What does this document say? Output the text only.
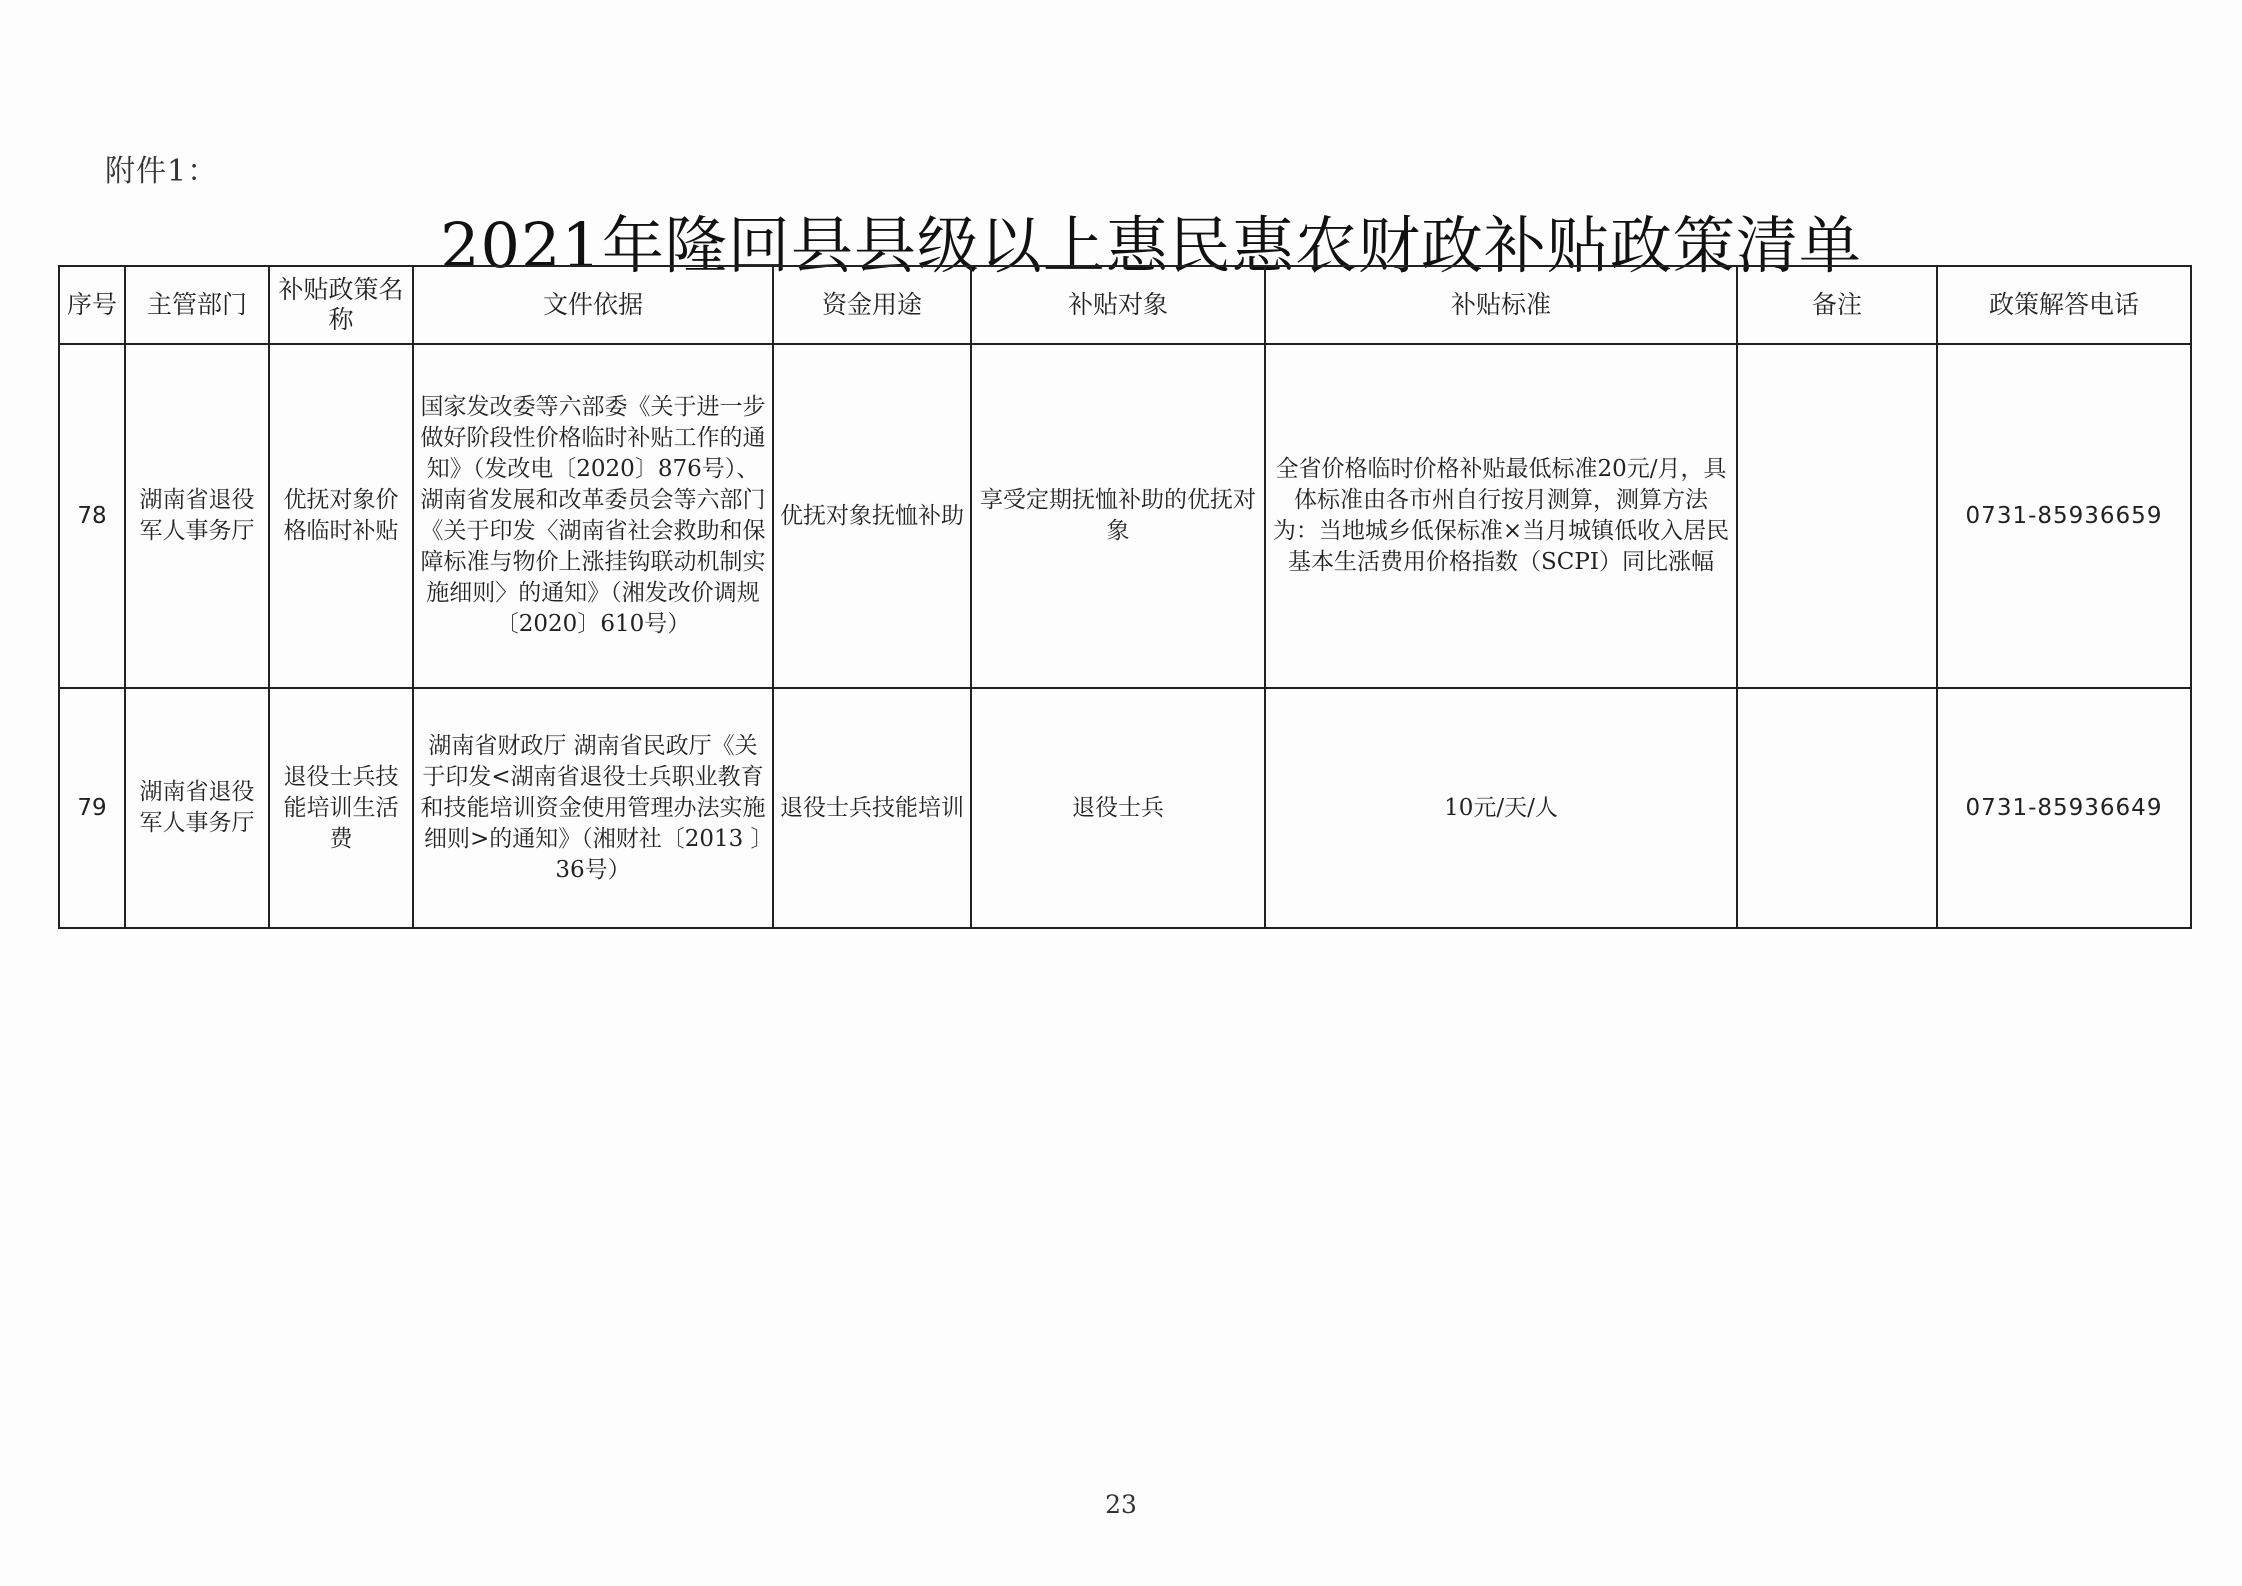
附件1：
2021年隆回县县级以上惠民惠农财政补贴政策清单
序号	主管部门	补贴政策名称	文件依据	资金用途	补贴对象	补贴标准	备注	政策解答电话
78	湖南省退役军人事务厅	优抚对象价格临时补贴	国家发改委等六部委《关于进一步做好阶段性价格临时补贴工作的通知》（发改电〔2020〕876号）、湖南省发展和改革委员会等六部门《关于印发〈湖南省社会救助和保障标准与物价上涨挂钩联动机制实施细则〉的通知》（湘发改价调规〔2020〕610号）	优抚对象抚恤补助	享受定期抚恤补助的优抚对象	全省价格临时价格补贴最低标准20元/月，具体标准由各市州自行按月测算，测算方法为：当地城乡低保标准×当月城镇低收入居民基本生活费用价格指数（SCPI）同比涨幅		0731-85936659
79	湖南省退役军人事务厅	退役士兵技能培训生活费	湖南省财政厅 湖南省民政厅《关于印发<湖南省退役士兵职业教育和技能培训资金使用管理办法实施细则>的通知》（湘财社〔2013 〕36号）	退役士兵技能培训	退役士兵	10元/天/人		0731-85936649
23
